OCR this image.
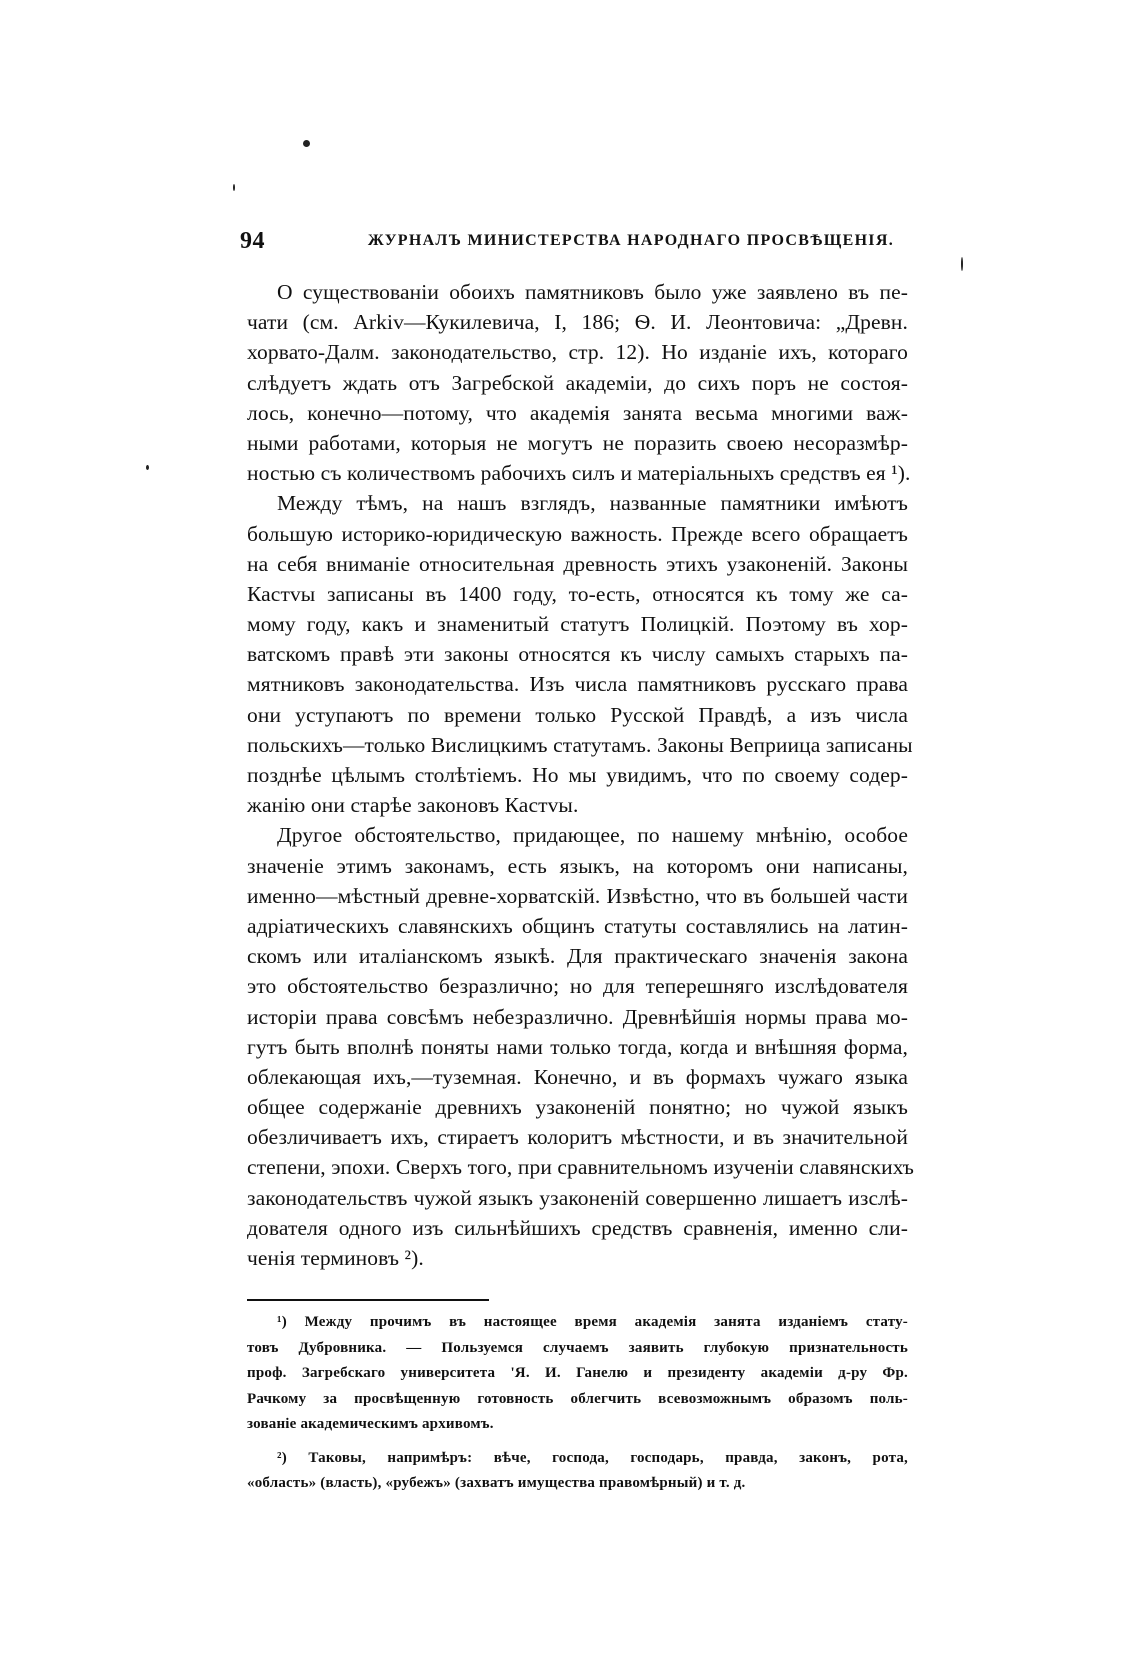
94	ЖУРНАЛЪ МИНИСТЕРСТВА НАРОДНАГО ПРОСВѢЩЕНІЯ.
О существованіи обоихъ памятниковъ было уже заявлено въ пе-
чати (см. Arkiv—Кукилевича, I, 186; Ѳ. И. Леонтовича: „Древн.
хорвато-Далм. законодательство, стр. 12). Но изданіе ихъ, котораго
слѣдуетъ ждать отъ Загребской академіи, до сихъ поръ не состоя-
лось, конечно—потому, что академія занята весьма многими важ-
ными работами, которыя не могутъ не поразить своею несоразмѣр-
ностью съ количествомъ рабочихъ силъ и матеріальныхъ средствъ ея ¹).
Между тѣмъ, на нашъ взглядъ, названные памятники имѣютъ
большую историко-юридическую важность. Прежде всего обращаетъ
на себя вниманіе относительная древность этихъ узаконеній. Законы
Кастvы записаны въ 1400 году, то-есть, относятся къ тому же са-
мому году, какъ и знаменитый статутъ Полицкій. Поэтому въ хор-
ватскомъ правѣ эти законы относятся къ числу самыхъ старыхъ па-
мятниковъ законодательства. Изъ числа памятниковъ русскаго права
они уступаютъ по времени только Русской Правдѣ, а изъ числа
польскихъ—только Вислицкимъ статутамъ. Законы Веприица записаны
позднѣе цѣлымъ столѣтіемъ. Но мы увидимъ, что по своему содер-
жанію они старѣе законовъ Кастvы.
Другое обстоятельство, придающее, по нашему мнѣнію, особое
значеніе этимъ законамъ, есть языкъ, на которомъ они написаны,
именно—мѣстный древне-хорватскій. Извѣстно, что въ большей части
адріатическихъ славянскихъ общинъ статуты составлялись на латин-
скомъ или италіанскомъ языкѣ. Для практическаго значенія закона
это обстоятельство безразлично; но для теперешняго изслѣдователя
исторіи права совсѣмъ небезразлично. Древнѣйшія нормы права мо-
гутъ быть вполнѣ поняты нами только тогда, когда и внѣшняя форма,
облекающая ихъ,—туземная. Конечно, и въ формахъ чужаго языка
общее содержаніе древнихъ узаконеній понятно; но чужой языкъ
обезличиваетъ ихъ, стираетъ колоритъ мѣстности, и въ значительной
степени, эпохи. Сверхъ того, при сравнительномъ изученіи славянскихъ
законодательствъ чужой языкъ узаконеній совершенно лишаетъ изслѣ-
дователя одного изъ сильнѣйшихъ средствъ сравненія, именно сли-
ченія терминовъ ²).
¹) Между прочимъ въ настоящее время академія занята изданіемъ стату-
товъ Дубровника. — Пользуемся случаемъ заявить глубокую признательность
проф. Загребскаго университета 'Я. И. Ганелю и президенту академіи д-ру Фр.
Рачкому за просвѣщенную готовность облегчить всевозможнымъ образомъ поль-
зованіе академическимъ архивомъ.
²) Таковы, напримѣръ: вѣче, господа, господарь, правда, законъ, рота,
«область» (власть), «рубежъ» (захватъ имущества правомѣрный) и т. д.
